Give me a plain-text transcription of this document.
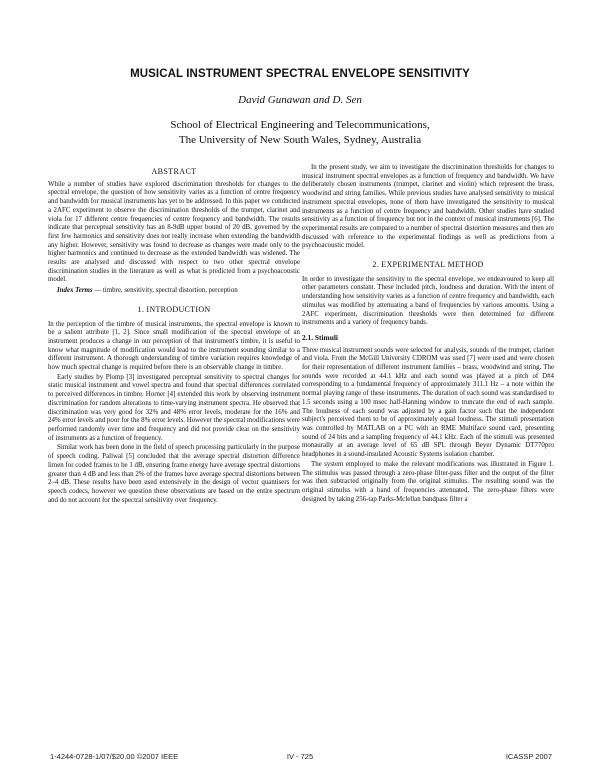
MUSICAL INSTRUMENT SPECTRAL ENVELOPE SENSITIVITY
David Gunawan and D. Sen
School of Electrical Engineering and Telecommunications,
The University of New South Wales, Sydney, Australia
ABSTRACT

While a number of studies have explored discrimination thresholds for changes to the spectral envelope, the question of how sensitivity varies as a function of centre frequency and bandwidth for musical instruments has yet to be addressed. In this paper we conducted a 2AFC experiment to observe the discrimination thresholds of the trumpet, clarinet and viola for 17 different centre frequencies of centre frequency and bandwidth. The results indicate that perceptual sensitivity has an 8-9dB upper bound of 20 dB, governed by the first few harmonics and sensitivity does not really increase when extending the bandwidth any higher. However, sensitivity was found to decrease as changes were made only to the higher harmonics and continued to decrease as the extended bandwidth was widened. The results are analysed and discussed with respect to two other spectral envelope discrimination studies in the literature as well as what is predicted from a psychoacoustic model.

Index Terms — timbre, sensitivity, spectral distortion, perception

1. INTRODUCTION

In the perception of the timbre of musical instruments, the spectral envelope is known to be a salient attribute [1, 2]. Since small modification of the spectral envelope of an instrument produces a change in our perception of that instrument's timbre, it is useful to know what magnitude of modification would lead to the instrument sounding similar to a different instrument. A thorough understanding of timbre variation requires knowledge of how much spectral change is required before there is an observable change in timbre.

Early studies by Plomp [3] investigated perceptual sensitivity to spectral changes for static musical instrument and vowel spectra and found that spectral differences correlated to perceived differences in timbre. Horner [4] extended this work by observing instrument discrimination for random alterations to time-varying instrument spectra. He observed that discrimination was very good for 32% and 48% error levels, moderate for the 16% and 24% error levels and poor for the 8% error levels. However the spectral modifications were performed randomly over time and frequency and did not provide clear on the sensitivity of instruments as a function of frequency.

Similar work has been done in the field of speech processing particularly in the purpose of speech coding. Paliwal [5] concluded that the average spectral distortion difference limen for coded frames to be 1 dB, ensuring frame energy have average spectral distortions greater than 4 dB and less than 2% of the frames have average spectral distortions between 2–4 dB. These results have been used extensively in the design of vector quantisers for speech codecs, however we question these observations are based on the entire spectrum and do not account for the spectral sensitivity over frequency.

In the present study, we aim to investigate the discrimination thresholds for changes to musical instrument spectral envelopes as a function of frequency and bandwidth. We have deliberately chosen instruments (trumpet, clarinet and violin) which represent the brass, woodwind and string families. While previous studies have analysed sensitivity to musical instrument spectral envelopes, none of them have investigated the sensitivity to musical instruments as a function of centre frequency and bandwidth. Other studies have studied sensitivity as a function of frequency but not in the context of musical instruments [6]. The experimental results are compared to a number of spectral distortion measures and then are discussed with reference to the experimental findings as well as predictions from a psychoacoustic model.

2. EXPERIMENTAL METHOD

In order to investigate the sensitivity to the spectral envelope, we endeavoured to keep all other parameters constant. These included pitch, loudness and duration. With the intent of understanding how sensitivity varies as a function of centre frequency and bandwidth, each stimulus was modified by attenuating a band of frequencies by various amounts. Using a 2AFC experiment, discrimination thresholds were then determined for different instruments and a variety of frequency bands.

2.1. Stimuli

Three musical instrument sounds were selected for analysis, sounds of the trumpet, clarinet and viola. From the McGill University CDROM was used [7] were used and were chosen for their representation of different instrument families – brass, woodwind and string. The sounds were recorded at 44.1 kHz and each sound was played at a pitch of D#4 corresponding to a fundamental frequency of approximately 311.1 Hz – a note within the normal playing range of these instruments. The duration of each sound was standardised to 1.5 seconds using a 100 msec half-Hanning window to truncate the end of each sample. The loudness of each sound was adjusted by a gain factor such that the independent subject's perceived them to be of approximately equal loudness. The stimuli presentation was controlled by MATLAB on a PC with an RME Multiface sound card, presenting sound of 24 bits and a sampling frequency of 44.1 kHz. Each of the stimuli was presented monaurally at an average level of 65 dB SPL through Beyer Dynamic DT770pro headphones in a sound-insulated Acoustic Systems isolation chamber.

The system employed to make the relevant modifications was illustrated in Figure 1. The stimulus was passed through a zero-phase filter-pass filter and the output of the filter was then subtracted originally from the original stimulus. The resulting sound was the original stimulus with a band of frequencies attenuated. The zero-phase filters were designed by taking 256-tap Parks-Mclellan bandpass filter a

1-4244-0728-1/07/$20.00 ©2007 IEEE	IV - 725	ICASSP 2007
